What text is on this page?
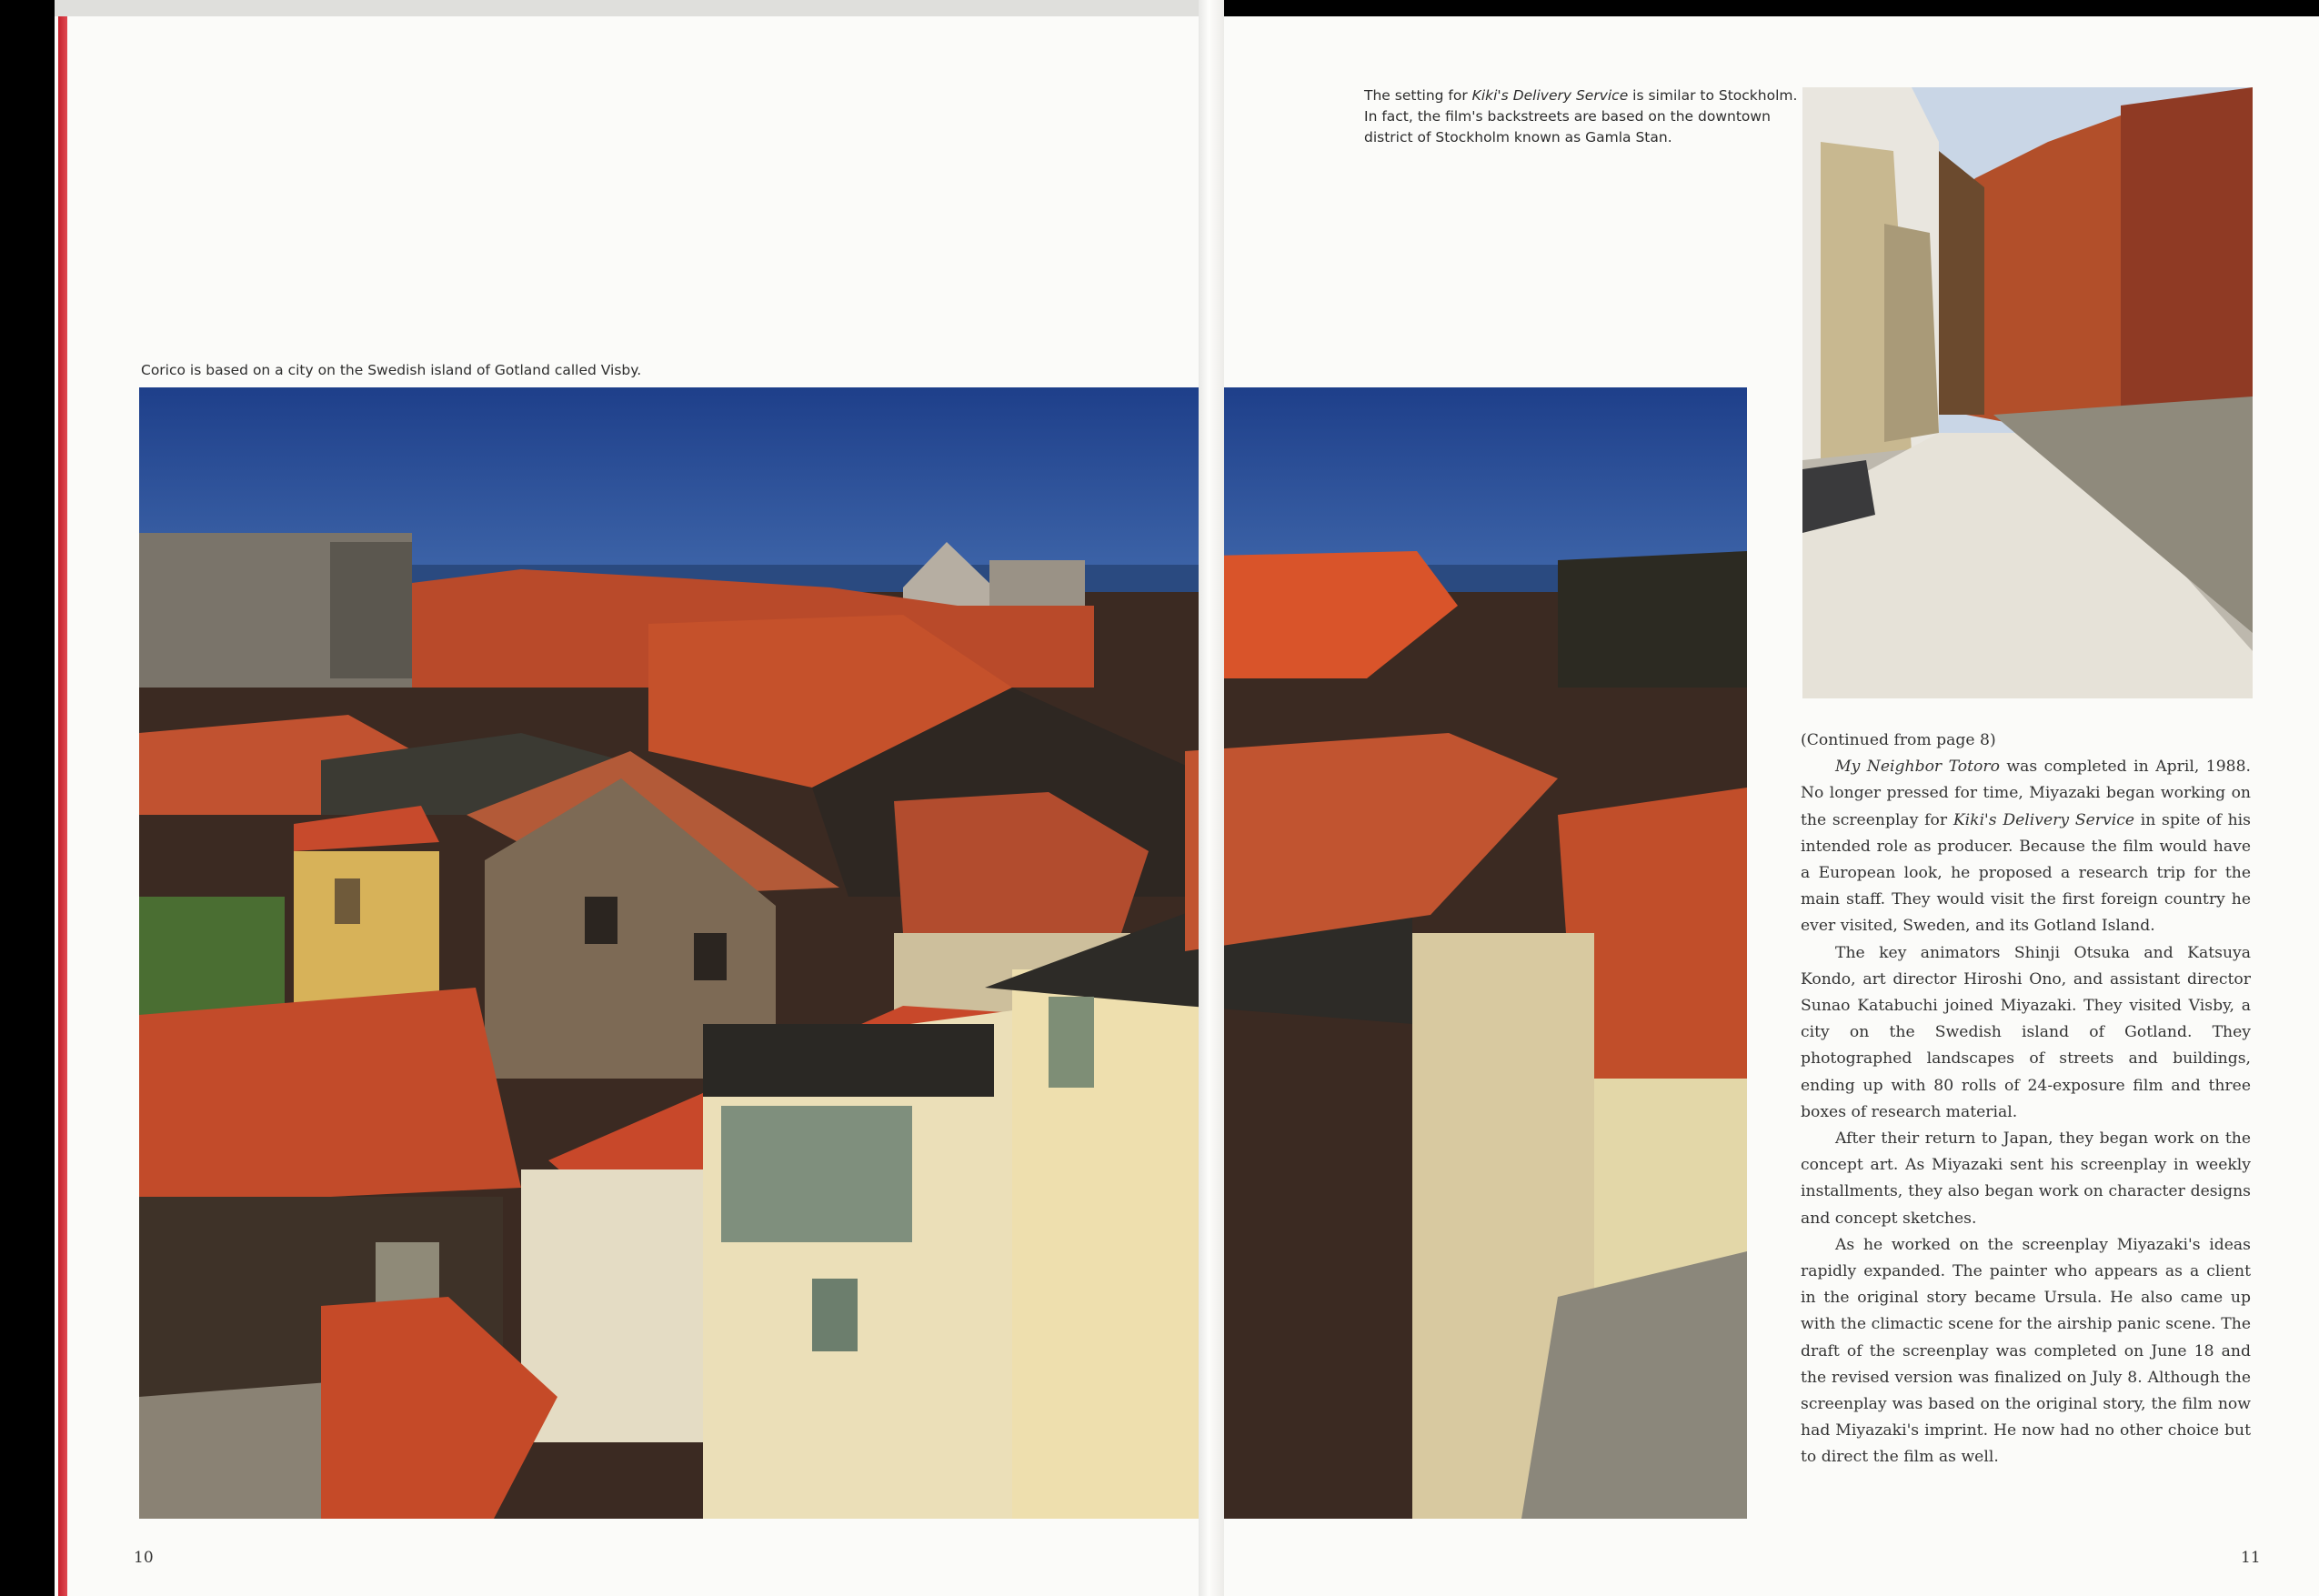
Corico is based on a city on the Swedish island of Gotland called Visby.
The setting for Kiki's Delivery Service is similar to Stockholm. In fact, the film's backstreets are based on the downtown district of Stockholm known as Gamla Stan.

(Continued from page 8)

My Neighbor Totoro was completed in April, 1988. No longer pressed for time, Miyazaki began working on the screenplay for Kiki's Delivery Service in spite of his intended role as producer. Because the film would have a European look, he proposed a research trip for the main staff. They would visit the first foreign country he ever visited, Sweden, and its Gotland Island.

The key animators Shinji Otsuka and Katsuya Kondo, art director Hiroshi Ono, and assistant director Sunao Katabuchi joined Miyazaki. They visited Visby, a city on the Swedish island of Gotland. They photographed landscapes of streets and buildings, ending up with 80 rolls of 24-exposure film and three boxes of research material.

After their return to Japan, they began work on the concept art. As Miyazaki sent his screenplay in weekly installments, they also began work on character designs and concept sketches.

As he worked on the screenplay Miyazaki's ideas rapidly expanded. The painter who appears as a client in the original story became Ursula. He also came up with the climactic scene for the airship panic scene. The draft of the screenplay was completed on June 18 and the revised version was finalized on July 8. Although the screenplay was based on the original story, the film now had Miyazaki's imprint. He now had no other choice but to direct the film as well.

10	11
